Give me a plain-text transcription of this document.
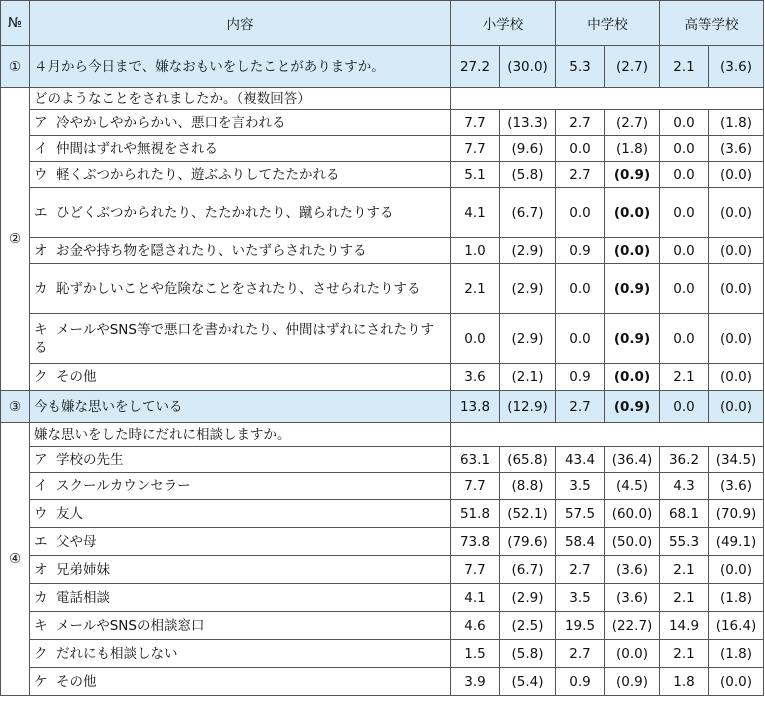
№	内容	小学校		中学校		高等学校	
①	４月から今日まで、嫌なおもいをしたことがありますか。	27.2	(30.0)	5.3	(2.7)	2.1	(3.6)
②	どのようなことをされましたか。（複数回答）						
	ア 冷やかしやからかい、悪口を言われる	7.7	(13.3)	2.7	(2.7)	0.0	(1.8)
	イ 仲間はずれや無視をされる	7.7	(9.6)	0.0	(1.8)	0.0	(3.6)
	ウ 軽くぶつかられたり、遊ぶふりしてたたかれる	5.1	(5.8)	2.7	(0.9)	0.0	(0.0)
	エ ひどくぶつかられたり、たたかれたり、蹴られたりする	4.1	(6.7)	0.0	(0.0)	0.0	(0.0)
	オ お金や持ち物を隠されたり、いたずらされたりする	1.0	(2.9)	0.9	(0.0)	0.0	(0.0)
	カ 恥ずかしいことや危険なことをされたり、させられたりする	2.1	(2.9)	0.0	(0.9)	0.0	(0.0)
	キ メールやSNS等で悪口を書かれたり、仲間はずれにされたりする	0.0	(2.9)	0.0	(0.9)	0.0	(0.0)
	ク その他	3.6	(2.1)	0.9	(0.0)	2.1	(0.0)
③	今も嫌な思いをしている	13.8	(12.9)	2.7	(0.9)	0.0	(0.0)
④	嫌な思いをした時にだれに相談しますか。						
	ア 学校の先生	63.1	(65.8)	43.4	(36.4)	36.2	(34.5)
	イ スクールカウンセラー	7.7	(8.8)	3.5	(4.5)	4.3	(3.6)
	ウ 友人	51.8	(52.1)	57.5	(60.0)	68.1	(70.9)
	エ 父や母	73.8	(79.6)	58.4	(50.0)	55.3	(49.1)
	オ 兄弟姉妹	7.7	(6.7)	2.7	(3.6)	2.1	(0.0)
	カ 電話相談	4.1	(2.9)	3.5	(3.6)	2.1	(1.8)
	キ メールやSNSの相談窓口	4.6	(2.5)	19.5	(22.7)	14.9	(16.4)
	ク だれにも相談しない	1.5	(5.8)	2.7	(0.0)	2.1	(1.8)
	ケ その他	3.9	(5.4)	0.9	(0.9)	1.8	(0.0)
